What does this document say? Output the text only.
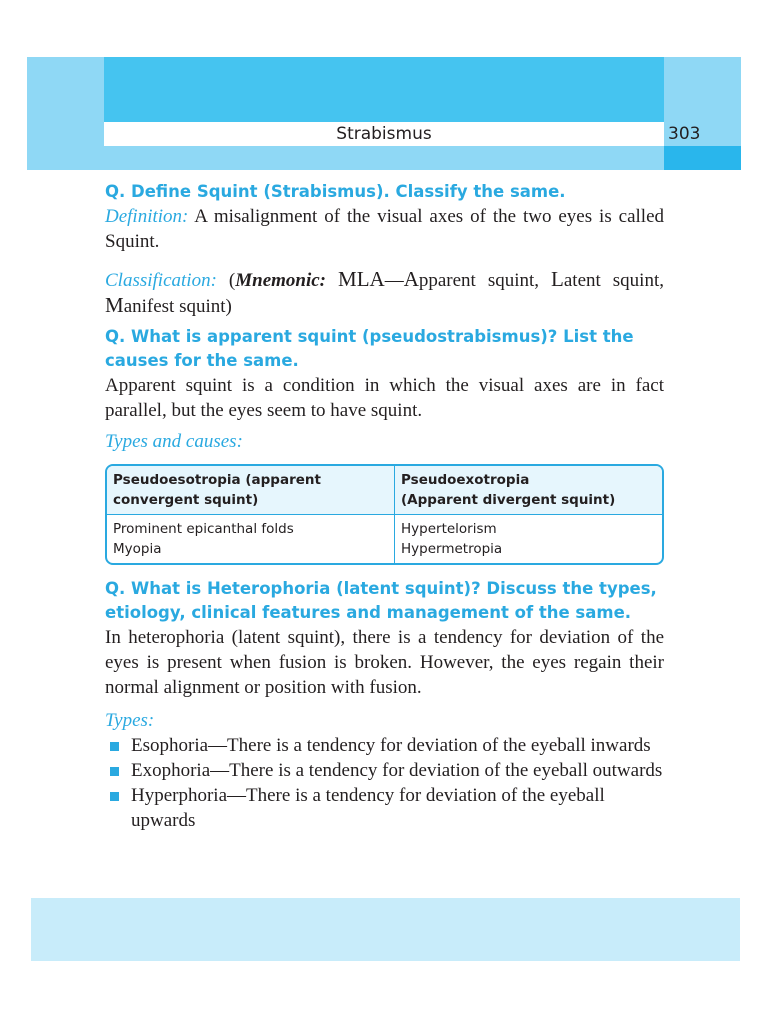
Strabismus	303

Q. Define Squint (Strabismus). Classify the same.

Definition: A misalignment of the visual axes of the two eyes is called Squint.

Classification: (Mnemonic: MLA—Apparent squint, Latent squint, Manifest squint)

Q. What is apparent squint (pseudostrabismus)? List the causes for the same.

Apparent squint is a condition in which the visual axes are in fact parallel, but the eyes seem to have squint.

Types and causes:

Pseudoesotropia (apparent
convergent squint)
Pseudoexotropia
(Apparent divergent squint)
Prominent epicanthal folds
Myopia
Hypertelorism
Hypermetropia

Q. What is Heterophoria (latent squint)? Discuss the types, etiology, clinical features and management of the same.

In heterophoria (latent squint), there is a tendency for deviation of the eyes is present when fusion is broken. However, the eyes regain their normal alignment or position with fusion.

Types:

Esophoria—There is a tendency for deviation of the eyeball inwards
Exophoria—There is a tendency for deviation of the eyeball outwards
Hyperphoria—There is a tendency for deviation of the eyeball upwards
